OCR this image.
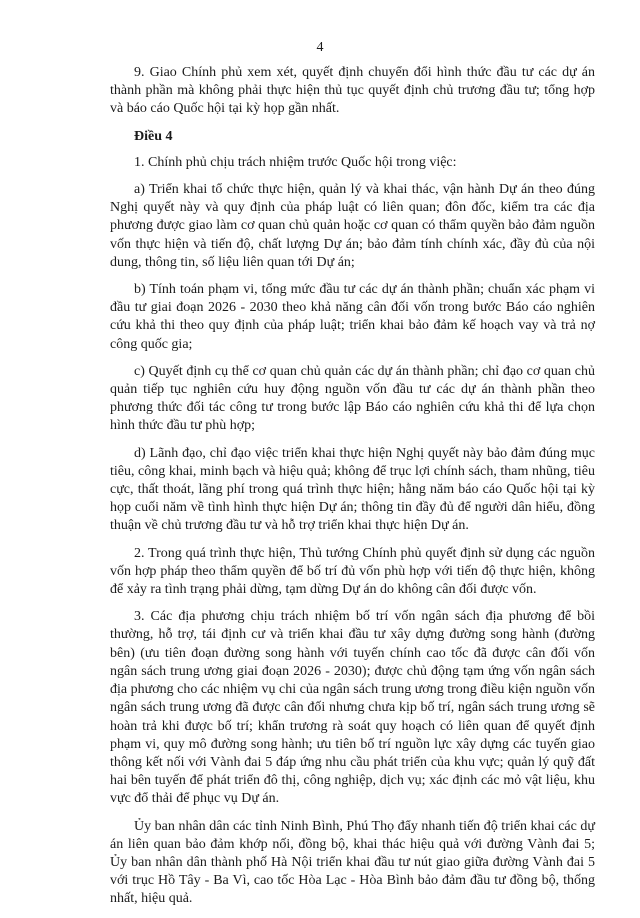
4

9. Giao Chính phủ xem xét, quyết định chuyển đổi hình thức đầu tư các dự án thành phần mà không phải thực hiện thủ tục quyết định chủ trương đầu tư; tổng hợp và báo cáo Quốc hội tại kỳ họp gần nhất.

Điều 4

1. Chính phủ chịu trách nhiệm trước Quốc hội trong việc:

a) Triển khai tổ chức thực hiện, quản lý và khai thác, vận hành Dự án theo đúng Nghị quyết này và quy định của pháp luật có liên quan; đôn đốc, kiểm tra các địa phương được giao làm cơ quan chủ quản hoặc cơ quan có thẩm quyền bảo đảm nguồn vốn thực hiện và tiến độ, chất lượng Dự án; bảo đảm tính chính xác, đầy đủ của nội dung, thông tin, số liệu liên quan tới Dự án;

b) Tính toán phạm vi, tổng mức đầu tư các dự án thành phần; chuẩn xác phạm vi đầu tư giai đoạn 2026 - 2030 theo khả năng cân đối vốn trong bước Báo cáo nghiên cứu khả thi theo quy định của pháp luật; triển khai bảo đảm kế hoạch vay và trả nợ công quốc gia;

c) Quyết định cụ thể cơ quan chủ quản các dự án thành phần; chỉ đạo cơ quan chủ quản tiếp tục nghiên cứu huy động nguồn vốn đầu tư các dự án thành phần theo phương thức đối tác công tư trong bước lập Báo cáo nghiên cứu khả thi để lựa chọn hình thức đầu tư phù hợp;

d) Lãnh đạo, chỉ đạo việc triển khai thực hiện Nghị quyết này bảo đảm đúng mục tiêu, công khai, minh bạch và hiệu quả; không để trục lợi chính sách, tham nhũng, tiêu cực, thất thoát, lãng phí trong quá trình thực hiện; hằng năm báo cáo Quốc hội tại kỳ họp cuối năm về tình hình thực hiện Dự án; thông tin đầy đủ để người dân hiểu, đồng thuận về chủ trương đầu tư và hỗ trợ triển khai thực hiện Dự án.

2. Trong quá trình thực hiện, Thủ tướng Chính phủ quyết định sử dụng các nguồn vốn hợp pháp theo thẩm quyền để bố trí đủ vốn phù hợp với tiến độ thực hiện, không để xảy ra tình trạng phải dừng, tạm dừng Dự án do không cân đối được vốn.

3. Các địa phương chịu trách nhiệm bố trí vốn ngân sách địa phương để bồi thường, hỗ trợ, tái định cư và triển khai đầu tư xây dựng đường song hành (đường bên) (ưu tiên đoạn đường song hành với tuyến chính cao tốc đã được cân đối vốn ngân sách trung ương giai đoạn 2026 - 2030); được chủ động tạm ứng vốn ngân sách địa phương cho các nhiệm vụ chi của ngân sách trung ương trong điều kiện nguồn vốn ngân sách trung ương đã được cân đối nhưng chưa kịp bố trí, ngân sách trung ương sẽ hoàn trả khi được bố trí; khẩn trương rà soát quy hoạch có liên quan để quyết định phạm vi, quy mô đường song hành; ưu tiên bố trí nguồn lực xây dựng các tuyến giao thông kết nối với Vành đai 5 đáp ứng nhu cầu phát triển của khu vực; quản lý quỹ đất hai bên tuyến để phát triển đô thị, công nghiệp, dịch vụ; xác định các mỏ vật liệu, khu vực đổ thải để phục vụ Dự án.

Ủy ban nhân dân các tỉnh Ninh Bình, Phú Thọ đẩy nhanh tiến độ triển khai các dự án liên quan bảo đảm khớp nối, đồng bộ, khai thác hiệu quả với đường Vành đai 5; Ủy ban nhân dân thành phố Hà Nội triển khai đầu tư nút giao giữa đường Vành đai 5 với trục Hồ Tây - Ba Vì, cao tốc Hòa Lạc - Hòa Bình bảo đảm đầu tư đồng bộ, thống nhất, hiệu quả.
